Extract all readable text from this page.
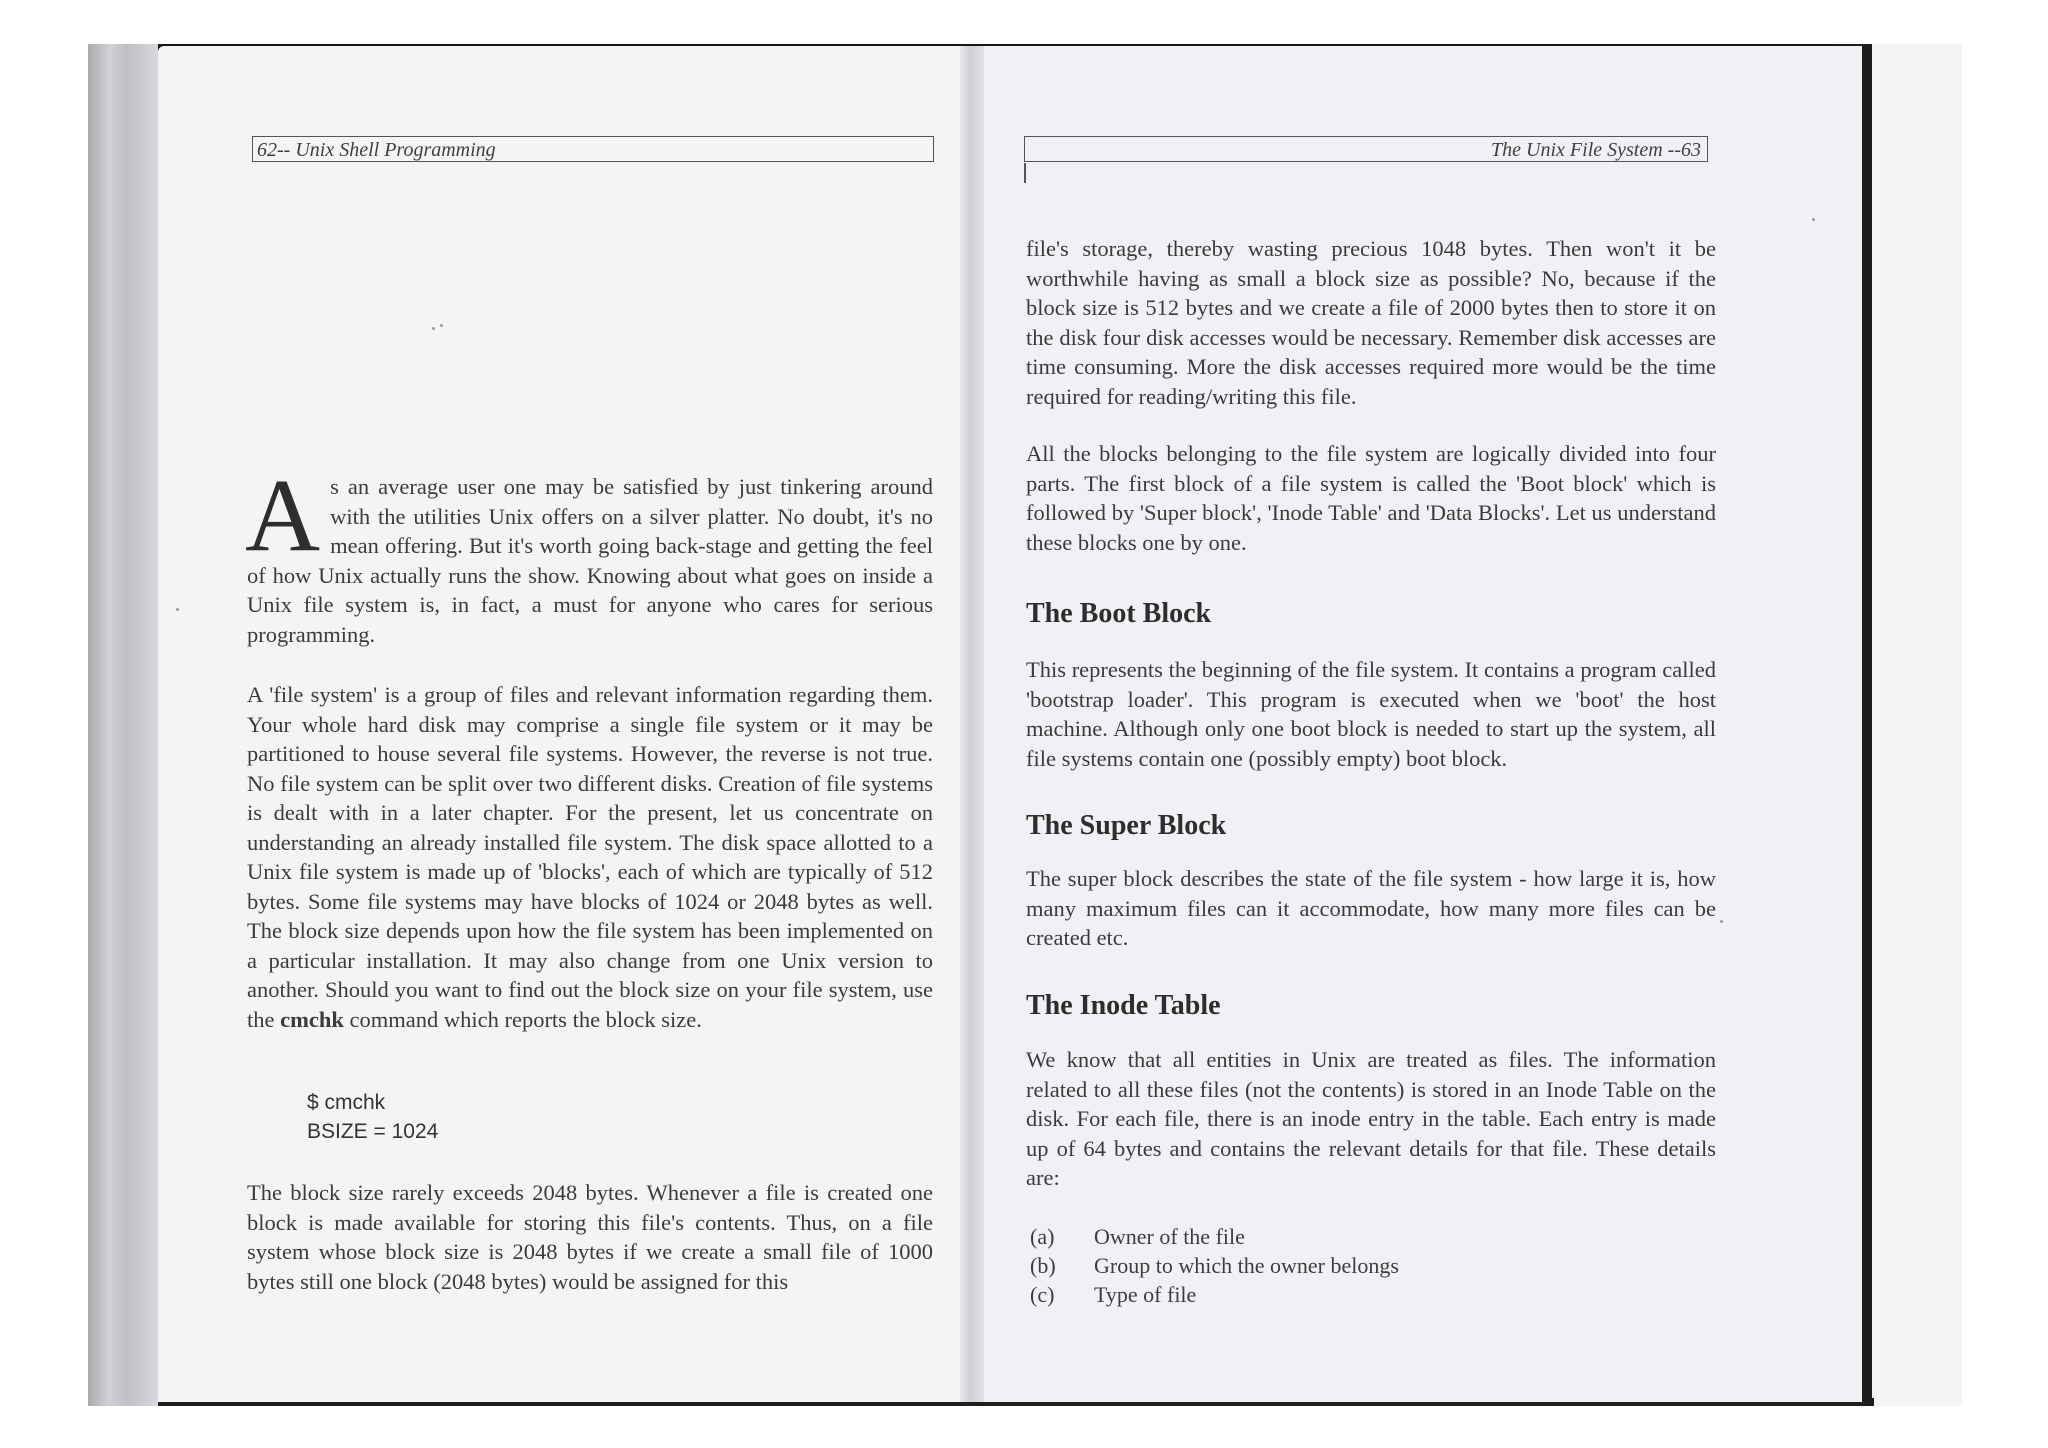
62-- Unix Shell Programming
As an average user one may be satisfied by just tinkering around with the utilities Unix offers on a silver platter. No doubt, it's no mean offering. But it's worth going back-stage and getting the feel of how Unix actually runs the show. Knowing about what goes on inside a Unix file system is, in fact, a must for anyone who cares for serious programming.
A 'file system' is a group of files and relevant information regarding them. Your whole hard disk may comprise a single file system or it may be partitioned to house several file systems. However, the reverse is not true. No file system can be split over two different disks. Creation of file systems is dealt with in a later chapter. For the present, let us concentrate on understanding an already installed file system. The disk space allotted to a Unix file system is made up of 'blocks', each of which are typically of 512 bytes. Some file systems may have blocks of 1024 or 2048 bytes as well. The block size depends upon how the file system has been implemented on a particular installation. It may also change from one Unix version to another. Should you want to find out the block size on your file system, use the cmchk command which reports the block size.
$ cmchk
BSIZE = 1024
The block size rarely exceeds 2048 bytes. Whenever a file is created one block is made available for storing this file's contents. Thus, on a file system whose block size is 2048 bytes if we create a small file of 1000 bytes still one block (2048 bytes) would be assigned for this
The Unix File System --63
file's storage, thereby wasting precious 1048 bytes. Then won't it be worthwhile having as small a block size as possible? No, because if the block size is 512 bytes and we create a file of 2000 bytes then to store it on the disk four disk accesses would be necessary. Remember disk accesses are time consuming. More the disk accesses required more would be the time required for reading/writing this file.
All the blocks belonging to the file system are logically divided into four parts. The first block of a file system is called the 'Boot block' which is followed by 'Super block', 'Inode Table' and 'Data Blocks'. Let us understand these blocks one by one.
The Boot Block
This represents the beginning of the file system. It contains a program called 'bootstrap loader'. This program is executed when we 'boot' the host machine. Although only one boot block is needed to start up the system, all file systems contain one (possibly empty) boot block.
The Super Block
The super block describes the state of the file system - how large it is, how many maximum files can it accommodate, how many more files can be created etc.
The Inode Table
We know that all entities in Unix are treated as files. The information related to all these files (not the contents) is stored in an Inode Table on the disk. For each file, there is an inode entry in the table. Each entry is made up of 64 bytes and contains the relevant details for that file. These details are:
(a) Owner of the file
(b) Group to which the owner belongs
(c) Type of file
